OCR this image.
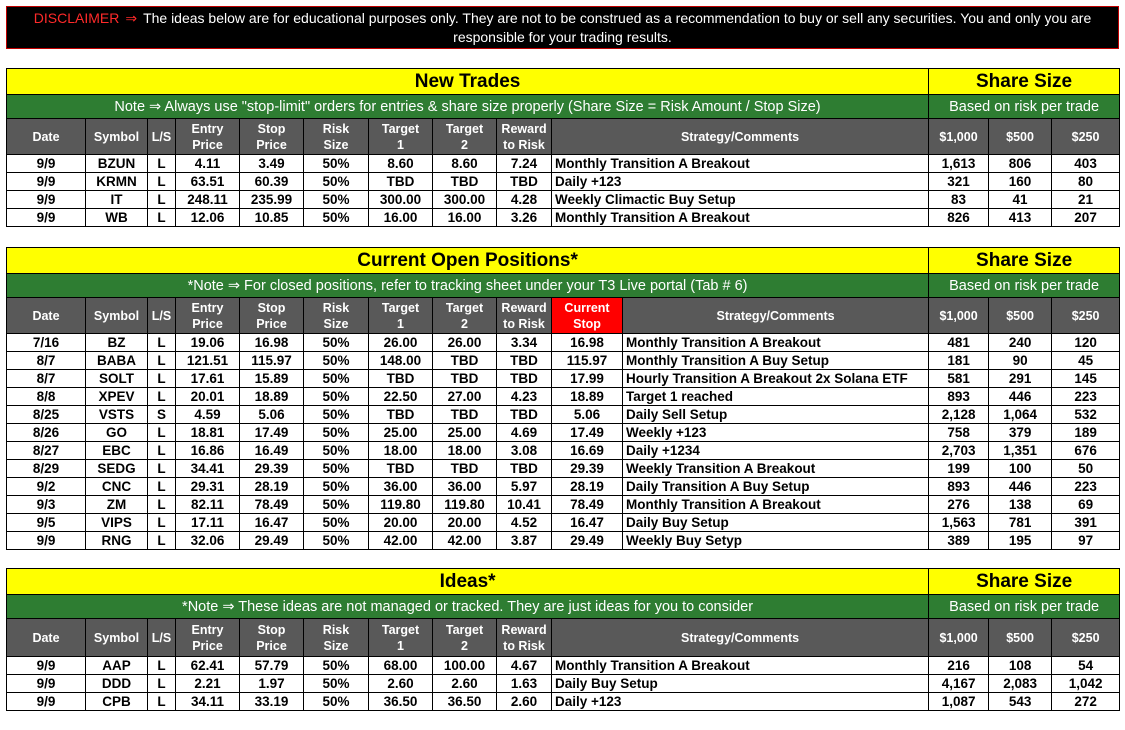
DISCLAIMER ⇒ The ideas below are for educational purposes only. They are not to be construed as a recommendation to buy or sell any securities. You and only you are responsible for your trading results.
New Trades										Share Size		
Note ⇒ Always use "stop-limit" orders for entries & share size properly (Share Size = Risk Amount / Stop Size)										Based on risk per trade		
Date	Symbol	L/S	Entry Price	Stop Price	Risk Size	Target 1	Target 2	Reward to Risk	Strategy/Comments	$1,000	$500	$250
9/9	BZUN	L	4.11	3.49	50%	8.60	8.60	7.24	Monthly Transition A Breakout	1,613	806	403
9/9	KRMN	L	63.51	60.39	50%	TBD	TBD	TBD	Daily +123	321	160	80
9/9	IT	L	248.11	235.99	50%	300.00	300.00	4.28	Weekly Climactic Buy Setup	83	41	21
9/9	WB	L	12.06	10.85	50%	16.00	16.00	3.26	Monthly Transition A Breakout	826	413	207
Current Open Positions*											Share Size		
*Note ⇒ For closed positions, refer to tracking sheet under your T3 Live portal (Tab # 6)											Based on risk per trade		
Date	Symbol	L/S	Entry Price	Stop Price	Risk Size	Target 1	Target 2	Reward to Risk	Current Stop	Strategy/Comments	$1,000	$500	$250
7/16	BZ	L	19.06	16.98	50%	26.00	26.00	3.34	16.98	Monthly Transition A Breakout	481	240	120
8/7	BABA	L	121.51	115.97	50%	148.00	TBD	TBD	115.97	Monthly Transition A Buy Setup	181	90	45
8/7	SOLT	L	17.61	15.89	50%	TBD	TBD	TBD	17.99	Hourly Transition A Breakout 2x Solana ETF	581	291	145
8/8	XPEV	L	20.01	18.89	50%	22.50	27.00	4.23	18.89	Target 1 reached	893	446	223
8/25	VSTS	S	4.59	5.06	50%	TBD	TBD	TBD	5.06	Daily Sell Setup	2,128	1,064	532
8/26	GO	L	18.81	17.49	50%	25.00	25.00	4.69	17.49	Weekly +123	758	379	189
8/27	EBC	L	16.86	16.49	50%	18.00	18.00	3.08	16.69	Daily +1234	2,703	1,351	676
8/29	SEDG	L	34.41	29.39	50%	TBD	TBD	TBD	29.39	Weekly Transition A Breakout	199	100	50
9/2	CNC	L	29.31	28.19	50%	36.00	36.00	5.97	28.19	Daily Transition A Buy Setup	893	446	223
9/3	ZM	L	82.11	78.49	50%	119.80	119.80	10.41	78.49	Monthly Transition A Breakout	276	138	69
9/5	VIPS	L	17.11	16.47	50%	20.00	20.00	4.52	16.47	Daily Buy Setup	1,563	781	391
9/9	RNG	L	32.06	29.49	50%	42.00	42.00	3.87	29.49	Weekly Buy Setyp	389	195	97
Ideas*										Share Size		
*Note ⇒ These ideas are not managed or tracked. They are just ideas for you to consider										Based on risk per trade		
Date	Symbol	L/S	Entry Price	Stop Price	Risk Size	Target 1	Target 2	Reward to Risk	Strategy/Comments	$1,000	$500	$250
9/9	AAP	L	62.41	57.79	50%	68.00	100.00	4.67	Monthly Transition A Breakout	216	108	54
9/9	DDD	L	2.21	1.97	50%	2.60	2.60	1.63	Daily Buy Setup	4,167	2,083	1,042
9/9	CPB	L	34.11	33.19	50%	36.50	36.50	2.60	Daily +123	1,087	543	272
